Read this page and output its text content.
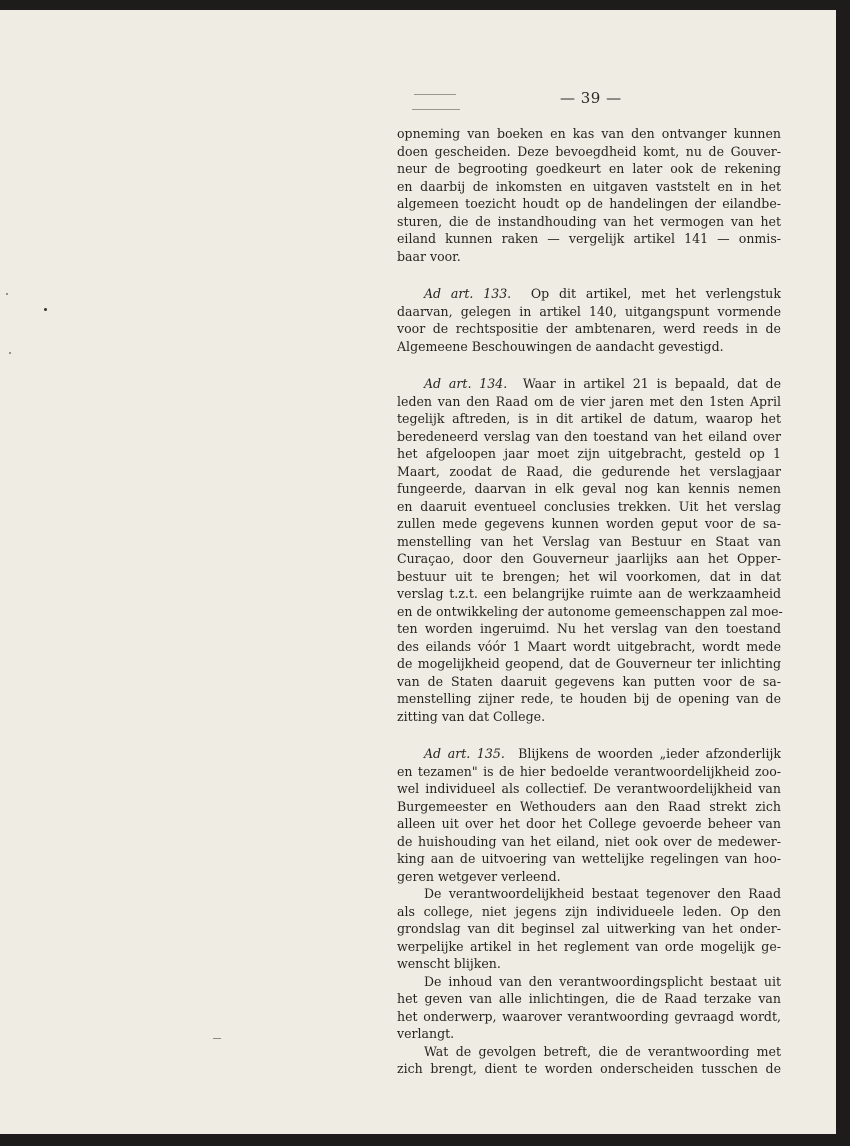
— 39 —
opneming van boeken en kas van den ontvanger kunnen
doen gescheiden. Deze bevoegdheid komt, nu de Gouver-
neur de begrooting goedkeurt en later ook de rekening
en daarbij de inkomsten en uitgaven vaststelt en in het
algemeen toezicht houdt op de handelingen der eilandbe-
sturen, die de instandhouding van het vermogen van het
eiland kunnen raken — vergelijk artikel 141 — onmis-
baar voor.
Ad art. 133. Op dit artikel, met het verlengstuk
daarvan, gelegen in artikel 140, uitgangspunt vormende
voor de rechtspositie der ambtenaren, werd reeds in de
Algemeene Beschouwingen de aandacht gevestigd.
Ad art. 134. Waar in artikel 21 is bepaald, dat de
leden van den Raad om de vier jaren met den 1sten April
tegelijk aftreden, is in dit artikel de datum, waarop het
beredeneerd verslag van den toestand van het eiland over
het afgeloopen jaar moet zijn uitgebracht, gesteld op 1
Maart, zoodat de Raad, die gedurende het verslagjaar
fungeerde, daarvan in elk geval nog kan kennis nemen
en daaruit eventueel conclusies trekken. Uit het verslag
zullen mede gegevens kunnen worden geput voor de sa-
menstelling van het Verslag van Bestuur en Staat van
Curaçao, door den Gouverneur jaarlijks aan het Opper-
bestuur uit te brengen; het wil voorkomen, dat in dat
verslag t.z.t. een belangrijke ruimte aan de werkzaamheid
en de ontwikkeling der autonome gemeenschappen zal moe-
ten worden ingeruimd. Nu het verslag van den toestand
des eilands vóór 1 Maart wordt uitgebracht, wordt mede
de mogelijkheid geopend, dat de Gouverneur ter inlichting
van de Staten daaruit gegevens kan putten voor de sa-
menstelling zijner rede, te houden bij de opening van de
zitting van dat College.
Ad art. 135. Blijkens de woorden „ieder afzonderlijk
en tezamen" is de hier bedoelde verantwoordelijkheid zoo-
wel individueel als collectief. De verantwoordelijkheid van
Burgemeester en Wethouders aan den Raad strekt zich
alleen uit over het door het College gevoerde beheer van
de huishouding van het eiland, niet ook over de medewer-
king aan de uitvoering van wettelijke regelingen van hoo-
geren wetgever verleend.
De verantwoordelijkheid bestaat tegenover den Raad
als college, niet jegens zijn individueele leden. Op den
grondslag van dit beginsel zal uitwerking van het onder-
werpelijke artikel in het reglement van orde mogelijk ge-
wenscht blijken.
De inhoud van den verantwoordingsplicht bestaat uit
het geven van alle inlichtingen, die de Raad terzake van
het onderwerp, waarover verantwoording gevraagd wordt,
verlangt.
Wat de gevolgen betreft, die de verantwoording met
zich brengt, dient te worden onderscheiden tusschen de
